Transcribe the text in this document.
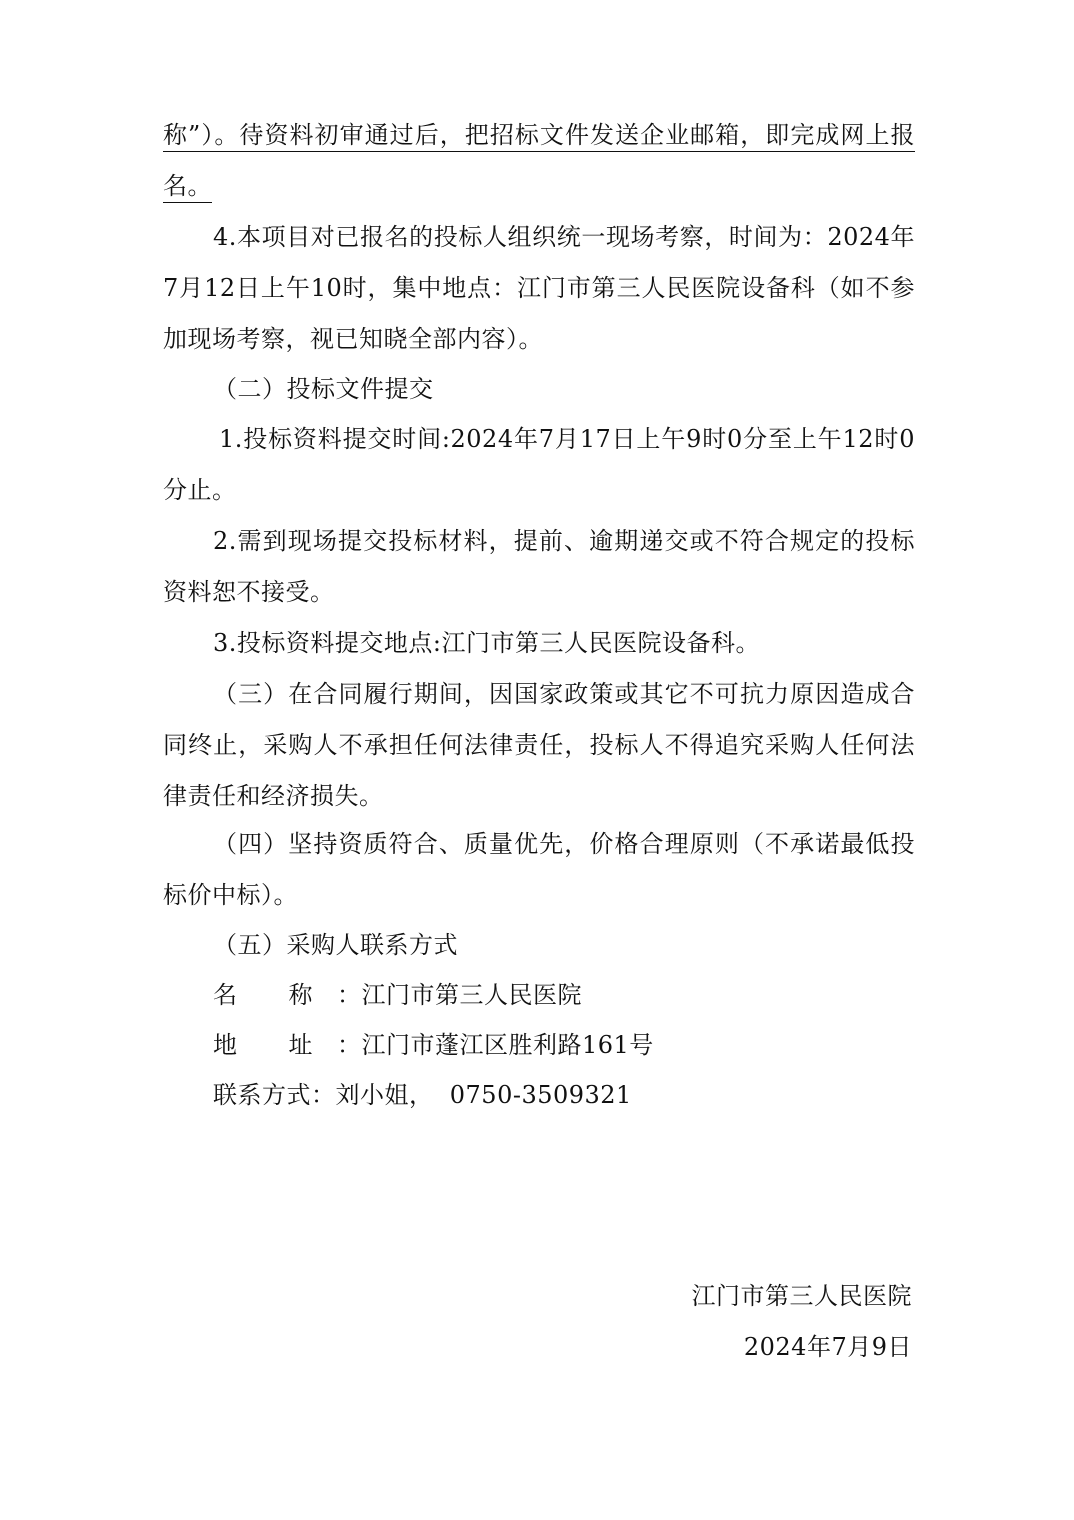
称”）。待资料初审通过后，把招标文件发送企业邮箱，即完成网上报名。

4.本项目对已报名的投标人组织统一现场考察，时间为：2024年7月12日上午10时，集中地点：江门市第三人民医院设备科（如不参加现场考察，视已知晓全部内容）。

（二）投标文件提交

1.投标资料提交时间:2024年7月17日上午9时0分至上午12时0分止。

2.需到现场提交投标材料，提前、逾期递交或不符合规定的投标资料恕不接受。

3.投标资料提交地点:江门市第三人民医院设备科。

（三）在合同履行期间，因国家政策或其它不可抗力原因造成合同终止，采购人不承担任何法律责任，投标人不得追究采购人任何法律责任和经济损失。

（四）坚持资质符合、质量优先，价格合理原则（不承诺最低投标价中标）。

（五）采购人联系方式

名 称 ：江门市第三人民医院

地 址 ：江门市蓬江区胜利路161号

联系方式：刘小姐，  0750-3509321

江门市第三人民医院

2024年7月9日
